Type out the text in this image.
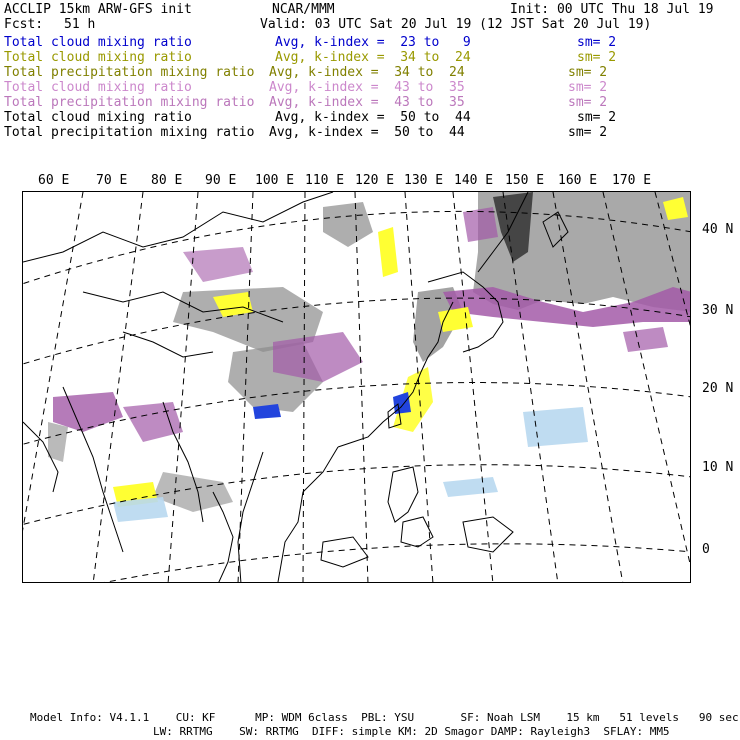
ACCLIP 15km ARW-GFS init	NCAR/MMM	Init: 00 UTC Thu 18 Jul 19
Fcst: 51 h	Valid: 03 UTC Sat 20 Jul 19 (12 JST Sat 20 Jul 19)
Total cloud mixing ratio	Avg, k-index =  23 to   9	sm= 2
Total cloud mixing ratio	Avg, k-index =  34 to  24	sm= 2
Total precipitation mixing ratio Avg, k-index =  34 to  24	sm= 2
Total cloud mixing ratio	Avg, k-index =  43 to  35	sm= 2
Total precipitation mixing ratio Avg, k-index =  43 to  35	sm= 2
Total cloud mixing ratio	Avg, k-index =  50 to  44	sm= 2
Total precipitation mixing ratio Avg, k-index =  50 to  44	sm= 2
60 E 70 E 80 E 90 E 100 E 110 E 120 E 130 E 140 E 150 E 160 E 170 E
40 N
30 N
20 N
10 N
0
Model Info: V4.1.1    CU: KF      MP: WDM 6class  PBL: YSU       SF: Noah LSM    15 km   51 levels   90 sec
LW: RRTMG    SW: RRTMG  DIFF: simple KM: 2D Smagor DAMP: Rayleigh3  SFLAY: MM5
